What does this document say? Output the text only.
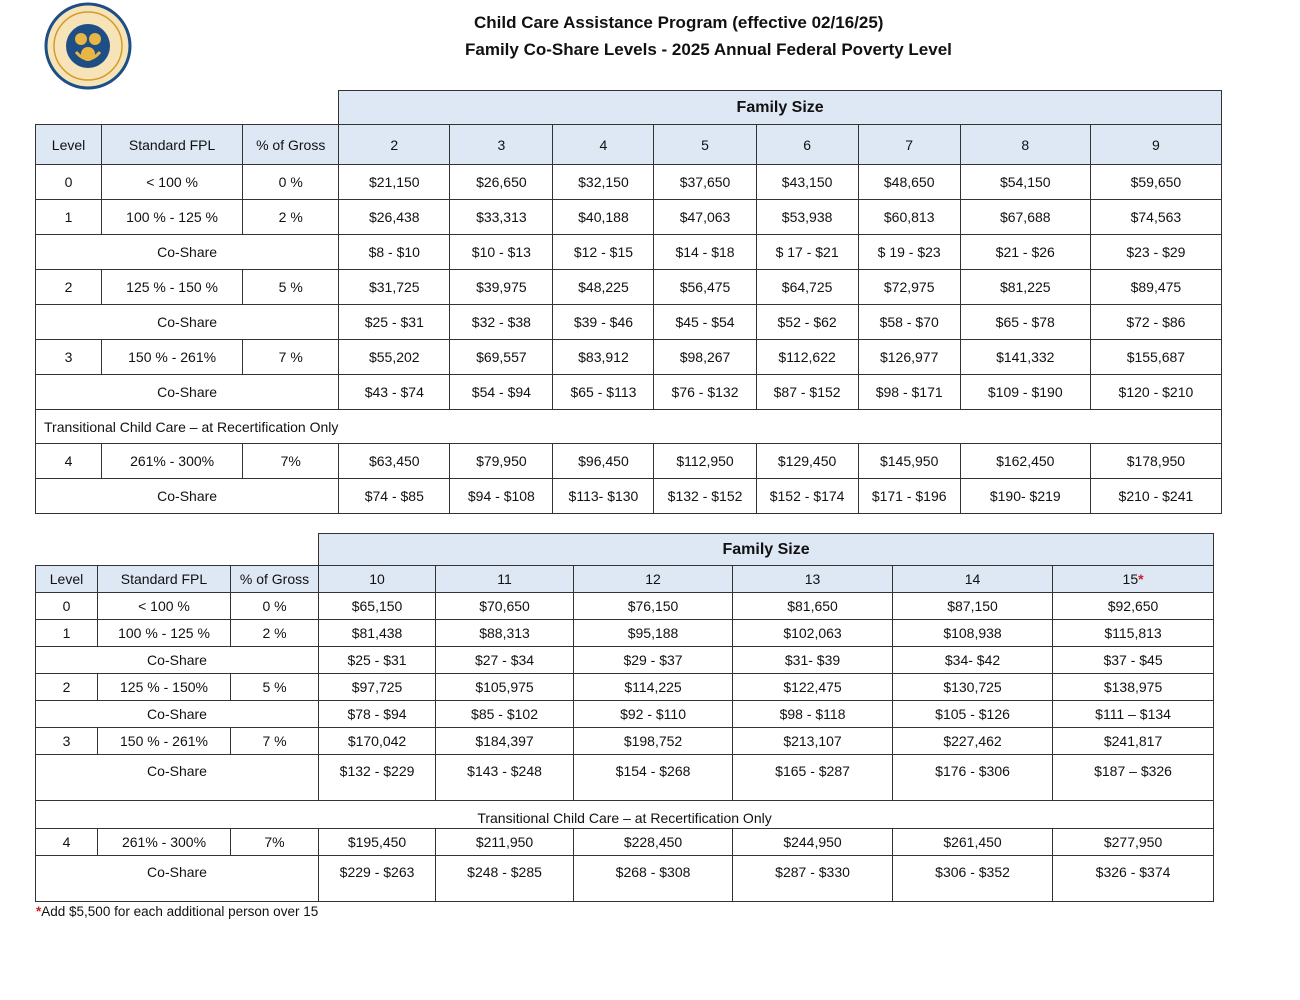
Child Care Assistance Program (effective 02/16/25)
Family Co-Share Levels - 2025 Annual Federal Poverty Level
			Family Size							
Level	Standard FPL	% of Gross	2	3	4	5	6	7	8	9
0	< 100 %	0 %	$21,150	$26,650	$32,150	$37,650	$43,150	$48,650	$54,150	$59,650
1	100 % - 125 %	2 %	$26,438	$33,313	$40,188	$47,063	$53,938	$60,813	$67,688	$74,563
Co-Share			$8 - $10	$10 - $13	$12 - $15	$14 - $18	$ 17 - $21	$ 19 - $23	$21 - $26	$23 - $29
2	125 % - 150 %	5 %	$31,725	$39,975	$48,225	$56,475	$64,725	$72,975	$81,225	$89,475
Co-Share			$25 - $31	$32 - $38	$39 - $46	$45 - $54	$52 - $62	$58 - $70	$65 - $78	$72 - $86
3	150 % - 261%	7 %	$55,202	$69,557	$83,912	$98,267	$112,622	$126,977	$141,332	$155,687
Co-Share			$43 - $74	$54 - $94	$65 - $113	$76 - $132	$87 - $152	$98 - $171	$109 - $190	$120 - $210
Transitional Child Care – at Recertification Only										
4	261% - 300%	7%	$63,450	$79,950	$96,450	$112,950	$129,450	$145,950	$162,450	$178,950
Co-Share			$74 - $85	$94 - $108	$113- $130	$132 - $152	$152 - $174	$171 - $196	$190- $219	$210 - $241
			Family Size					
Level	Standard FPL	% of Gross	10	11	12	13	14	15*
0	< 100 %	0 %	$65,150	$70,650	$76,150	$81,650	$87,150	$92,650
1	100 % - 125 %	2 %	$81,438	$88,313	$95,188	$102,063	$108,938	$115,813
Co-Share			$25 - $31	$27 - $34	$29 - $37	$31- $39	$34- $42	$37 - $45
2	125 % - 150%	5 %	$97,725	$105,975	$114,225	$122,475	$130,725	$138,975
Co-Share			$78 - $94	$85 - $102	$92 - $110	$98 - $118	$105 - $126	$111 – $134
3	150 % - 261%	7 %	$170,042	$184,397	$198,752	$213,107	$227,462	$241,817
Co-Share			$132 - $229	$143 - $248	$154 - $268	$165 - $287	$176 - $306	$187 – $326
Transitional Child Care – at Recertification Only								
4	261% - 300%	7%	$195,450	$211,950	$228,450	$244,950	$261,450	$277,950
Co-Share			$229 - $263	$248 - $285	$268 - $308	$287 - $330	$306 - $352	$326 - $374
*Add $5,500 for each additional person over 15
